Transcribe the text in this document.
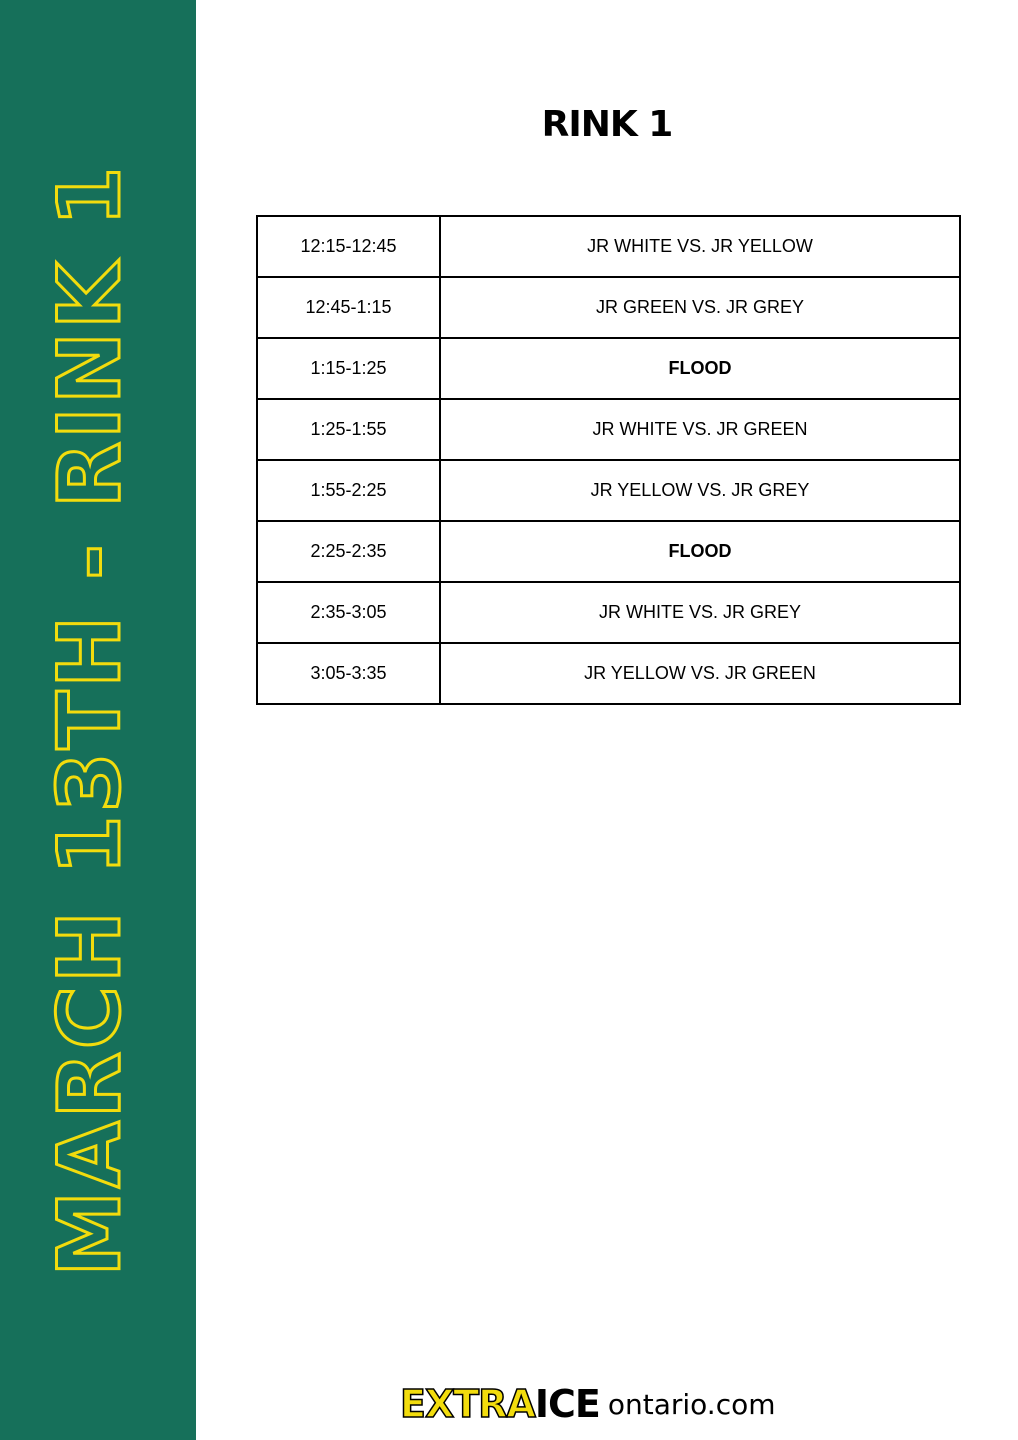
MARCH 13TH - RINK 1
RINK 1
12:15-12:45	JR WHITE VS. JR YELLOW
12:45-1:15	JR GREEN VS. JR GREY
1:15-1:25	FLOOD
1:25-1:55	JR WHITE VS. JR GREEN
1:55-2:25	JR YELLOW VS. JR GREY
2:25-2:35	FLOOD
2:35-3:05	JR WHITE VS. JR GREY
3:05-3:35	JR YELLOW VS. JR GREEN
EXTRA ICE ontario.com
